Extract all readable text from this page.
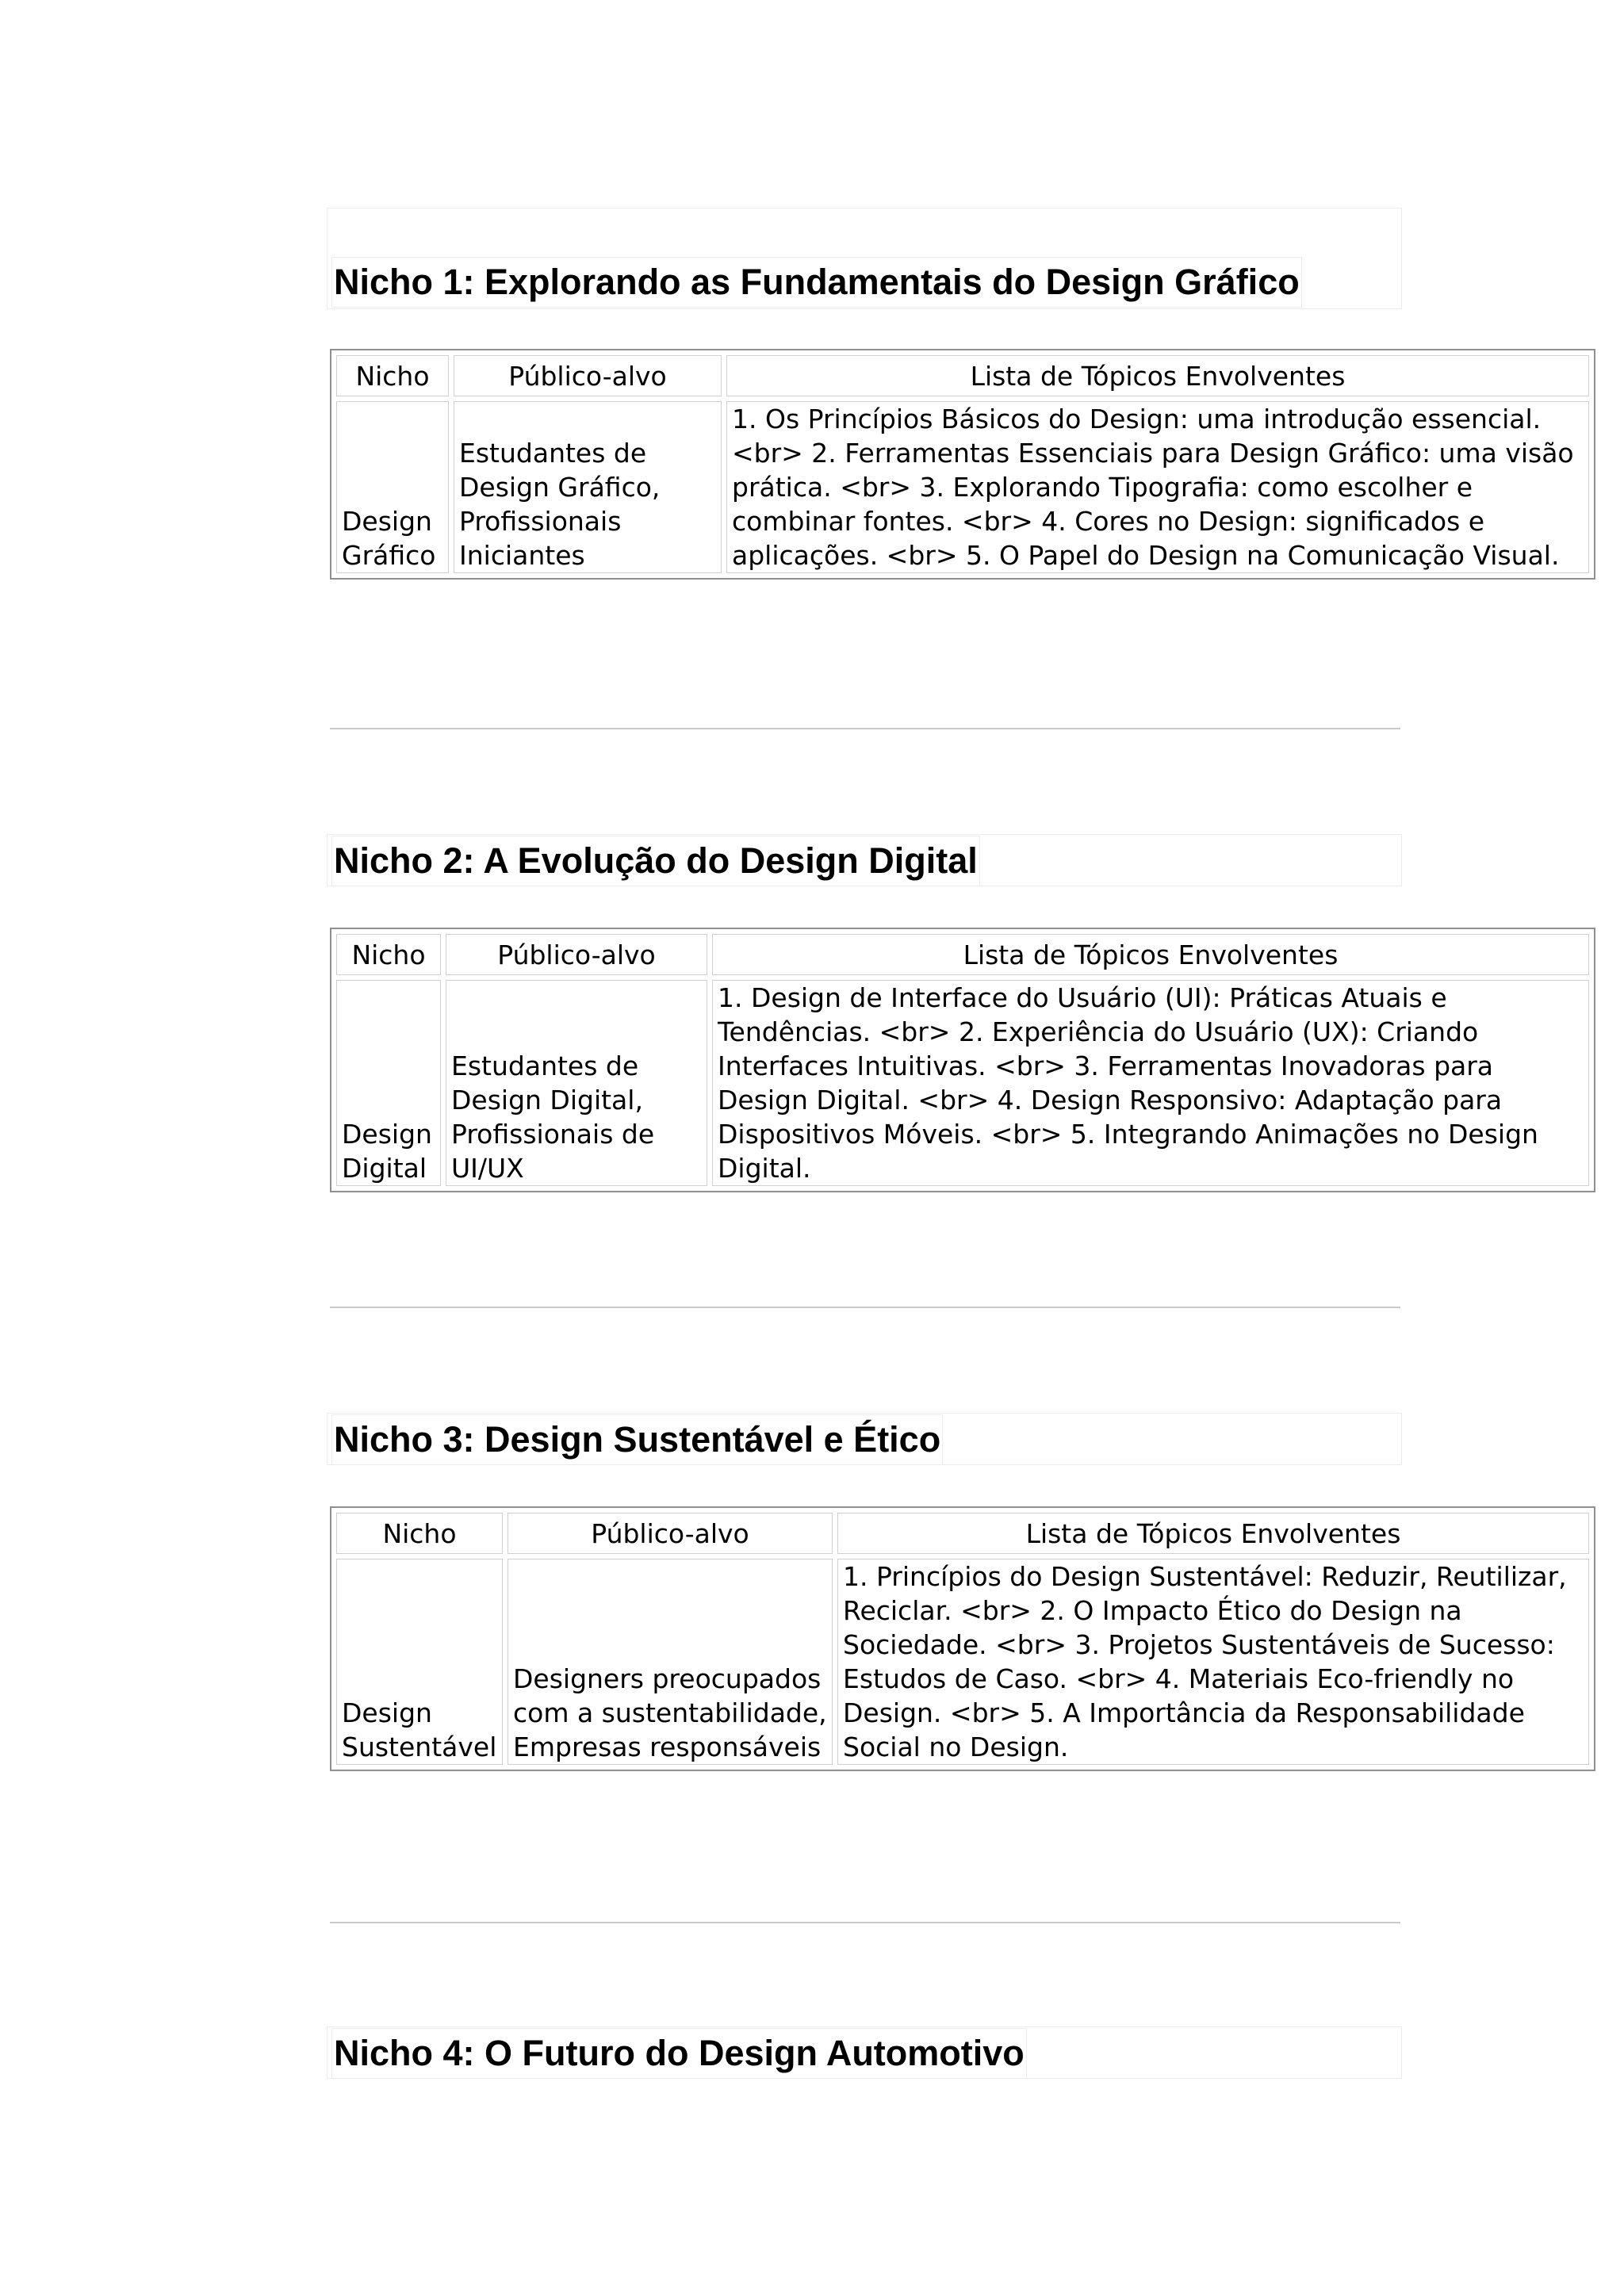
Nicho 1: Explorando as Fundamentais do Design Gráfico
Nicho	Público-alvo	Lista de Tópicos Envolventes
Design Gráfico	Estudantes de Design Gráfico, Profissionais Iniciantes	1. Os Princípios Básicos do Design: uma introdução essencial. <br> 2. Ferramentas Essenciais para Design Gráfico: uma visão prática. <br> 3. Explorando Tipografia: como escolher e combinar fontes. <br> 4. Cores no Design: significados e aplicações. <br> 5. O Papel do Design na Comunicação Visual.
Nicho 2: A Evolução do Design Digital
Nicho	Público-alvo	Lista de Tópicos Envolventes
Design Digital	Estudantes de Design Digital, Profissionais de UI/UX	1. Design de Interface do Usuário (UI): Práticas Atuais e Tendências. <br> 2. Experiência do Usuário (UX): Criando Interfaces Intuitivas. <br> 3. Ferramentas Inovadoras para Design Digital. <br> 4. Design Responsivo: Adaptação para Dispositivos Móveis. <br> 5. Integrando Animações no Design Digital.
Nicho 3: Design Sustentável e Ético
Nicho	Público-alvo	Lista de Tópicos Envolventes
Design Sustentável	Designers preocupados com a sustentabilidade, Empresas responsáveis	1. Princípios do Design Sustentável: Reduzir, Reutilizar, Reciclar. <br> 2. O Impacto Ético do Design na Sociedade. <br> 3. Projetos Sustentáveis de Sucesso: Estudos de Caso. <br> 4. Materiais Eco-friendly no Design. <br> 5. A Importância da Responsabilidade Social no Design.
Nicho 4: O Futuro do Design Automotivo
